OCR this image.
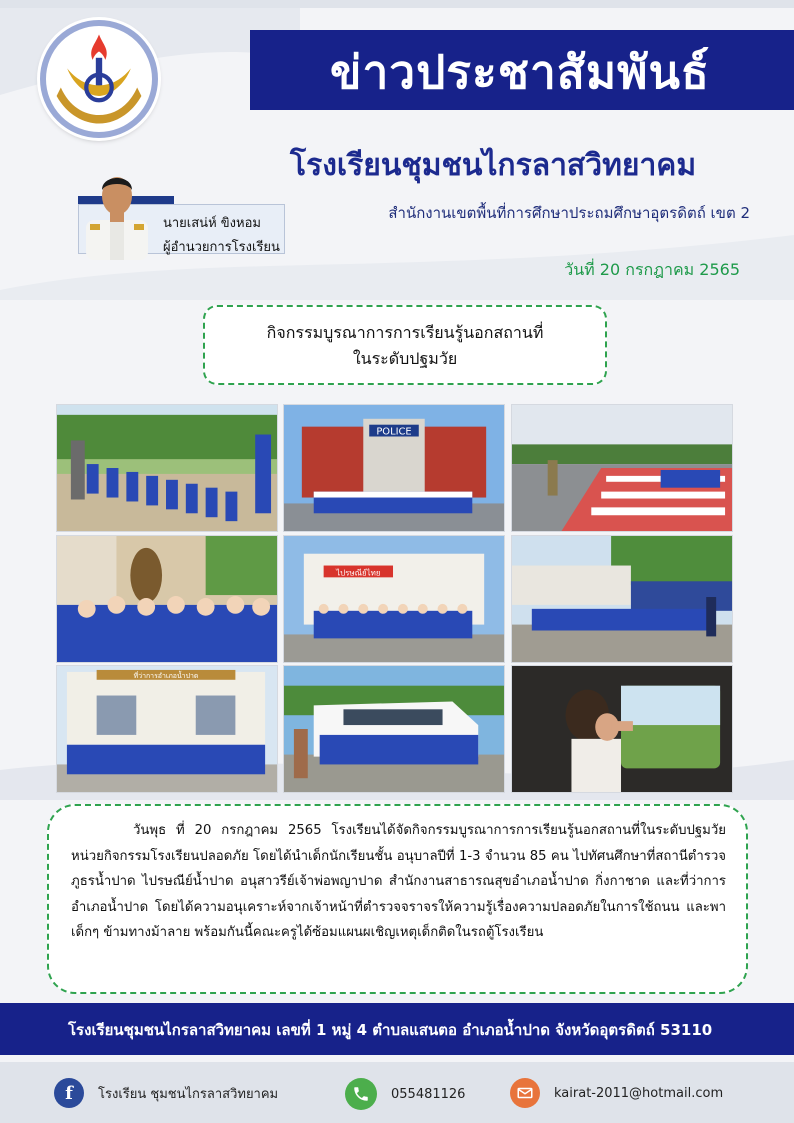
ข่าวประชาสัมพันธ์
โรงเรียนชุมชนไกรลาสวิทยาคม
สำนักงานเขตพื้นที่การศึกษาประถมศึกษาอุตรดิตถ์ เขต 2
นายเสน่ห์ ขิงหอม
ผู้อำนวยการโรงเรียน
วันที่ 20 กรกฎาคม 2565
กิจกรรมบูรณาการการเรียนรู้นอกสถานที่
ในระดับปฐมวัย
POLICE
ไปรษณีย์ไทย
ที่ว่าการอำเภอน้ำปาด

วันพุธ ที่ 20 กรกฎาคม 2565 โรงเรียนได้จัดกิจกรรมบูรณาการการเรียนรู้นอกสถานที่ในระดับปฐมวัย หน่วยกิจกรรมโรงเรียนปลอดภัย โดยได้นำเด็กนักเรียนชั้น อนุบาลปีที่ 1-3 จำนวน 85 คน ไปทัศนศึกษาที่สถานีตำรวจภูธรน้ำปาด ไปรษณีย์น้ำปาด อนุสาวรีย์เจ้าพ่อพญาปาด สำนักงานสาธารณสุขอำเภอน้ำปาด กิ่งกาชาด และที่ว่าการอำเภอน้ำปาด โดยได้ความอนุเคราะห์จากเจ้าหน้าที่ตำรวจจราจรให้ความรู้เรื่องความปลอดภัยในการใช้ถนน และพาเด็กๆ ข้ามทางม้าลาย พร้อมกันนี้คณะครูได้ซ้อมแผนผเชิญเหตุเด็กติดในรถตู้โรงเรียน

โรงเรียนชุมชนไกรลาสวิทยาคม เลขที่ 1 หมู่ 4 ตำบลแสนตอ อำเภอน้ำปาด จังหวัดอุตรดิตถ์ 53110
f	โรงเรียน ชุมชนไกรลาสวิทยาคม	055481126	kairat-2011@hotmail.com
